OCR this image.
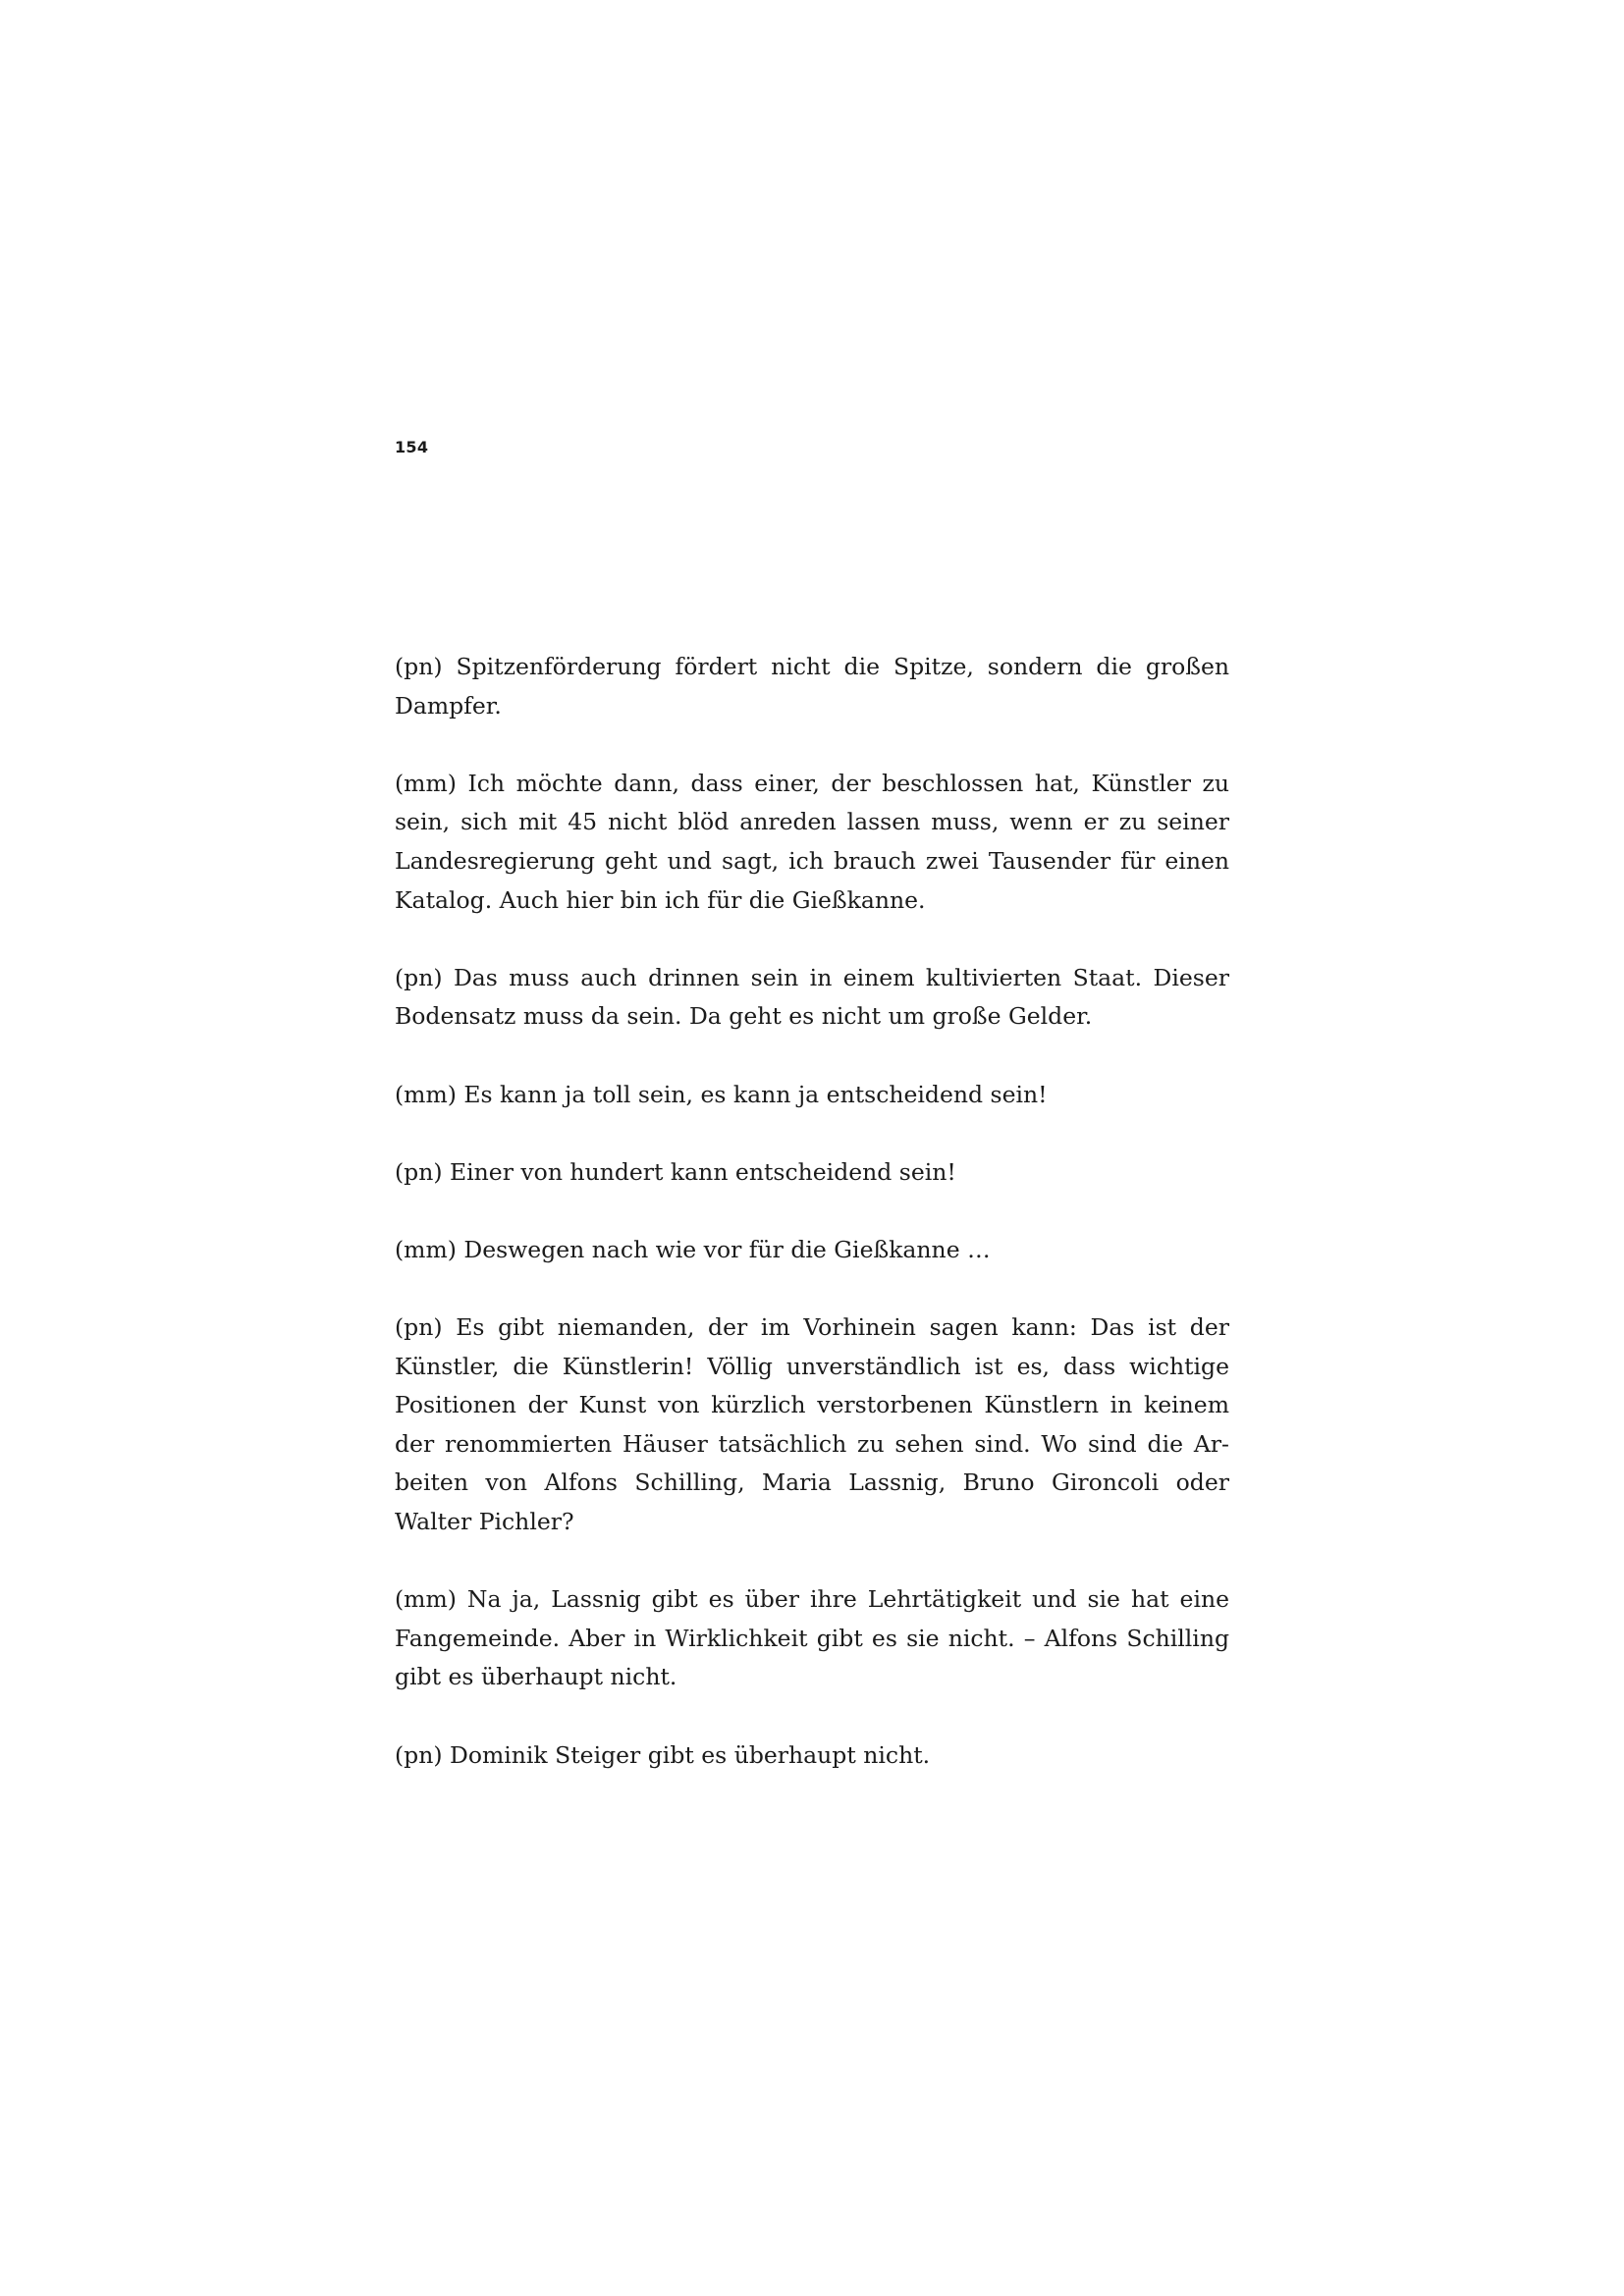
154

(pn) Spitzenförderung fördert nicht die Spitze, sondern die großen
Dampfer.

(mm) Ich möchte dann, dass einer, der beschlossen hat, Künstler zu
sein, sich mit 45 nicht blöd anreden lassen muss, wenn er zu seiner
Landesregierung geht und sagt, ich brauch zwei Tausender für einen
Katalog. Auch hier bin ich für die Gießkanne.

(pn) Das muss auch drinnen sein in einem kultivierten Staat. Dieser
Bodensatz muss da sein. Da geht es nicht um große Gelder.

(mm) Es kann ja toll sein, es kann ja entscheidend sein!

(pn) Einer von hundert kann entscheidend sein!

(mm) Deswegen nach wie vor für die Gießkanne …

(pn) Es gibt niemanden, der im Vorhinein sagen kann: Das ist der
Künstler, die Künstlerin! Völlig unverständlich ist es, dass wichtige
Positionen der Kunst von kürzlich verstorbenen Künstlern in keinem
der renommierten Häuser tatsächlich zu sehen sind. Wo sind die Ar-
beiten von Alfons Schilling, Maria Lassnig, Bruno Gironcoli oder
Walter Pichler?

(mm) Na ja, Lassnig gibt es über ihre Lehrtätigkeit und sie hat eine
Fangemeinde. Aber in Wirklichkeit gibt es sie nicht. – Alfons Schilling
gibt es überhaupt nicht.

(pn) Dominik Steiger gibt es überhaupt nicht.
